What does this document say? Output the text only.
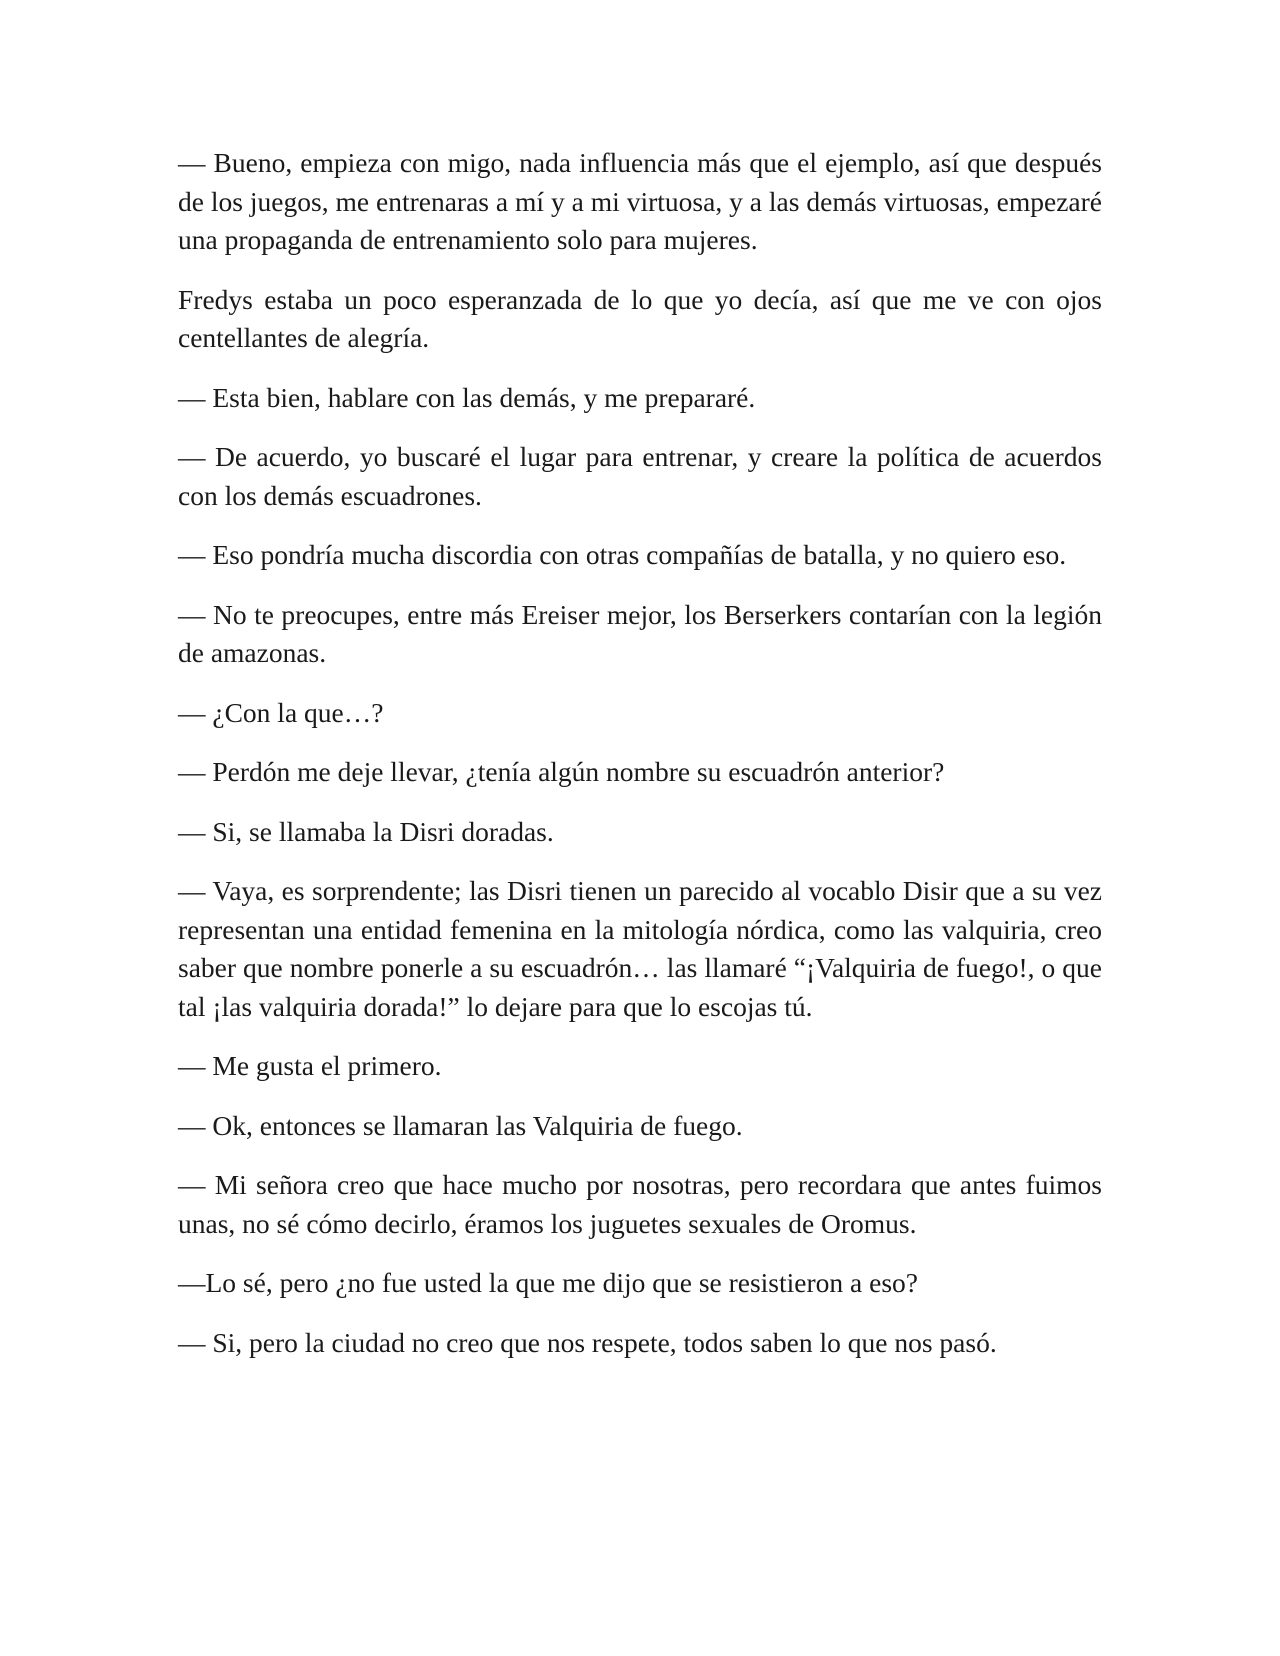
— Bueno, empieza con migo, nada influencia más que el ejemplo, así que después de los juegos, me entrenaras a mí y a mi virtuosa, y a las demás virtuosas, empezaré una propaganda de entrenamiento solo para mujeres.

Fredys estaba un poco esperanzada de lo que yo decía, así que me ve con ojos centellantes de alegría.

— Esta bien, hablare con las demás, y me prepararé.

— De acuerdo, yo buscaré el lugar para entrenar, y creare la política de acuerdos con los demás escuadrones.

— Eso pondría mucha discordia con otras compañías de batalla, y no quiero eso.

— No te preocupes, entre más Ereiser mejor, los Berserkers contarían con la legión de amazonas.

— ¿Con la que…?

— Perdón me deje llevar, ¿tenía algún nombre su escuadrón anterior?

— Si, se llamaba la Disri doradas.

— Vaya, es sorprendente; las Disri tienen un parecido al vocablo Disir que a su vez representan una entidad femenina en la mitología nórdica, como las valquiria, creo saber que nombre ponerle a su escuadrón… las llamaré “¡Valquiria de fuego!, o que tal ¡las valquiria dorada!” lo dejare para que lo escojas tú.

— Me gusta el primero.

— Ok, entonces se llamaran las Valquiria de fuego.

— Mi señora creo que hace mucho por nosotras, pero recordara que antes fuimos unas, no sé cómo decirlo, éramos los juguetes sexuales de Oromus.

—Lo sé, pero ¿no fue usted la que me dijo que se resistieron a eso?

— Si, pero la ciudad no creo que nos respete, todos saben lo que nos pasó.
